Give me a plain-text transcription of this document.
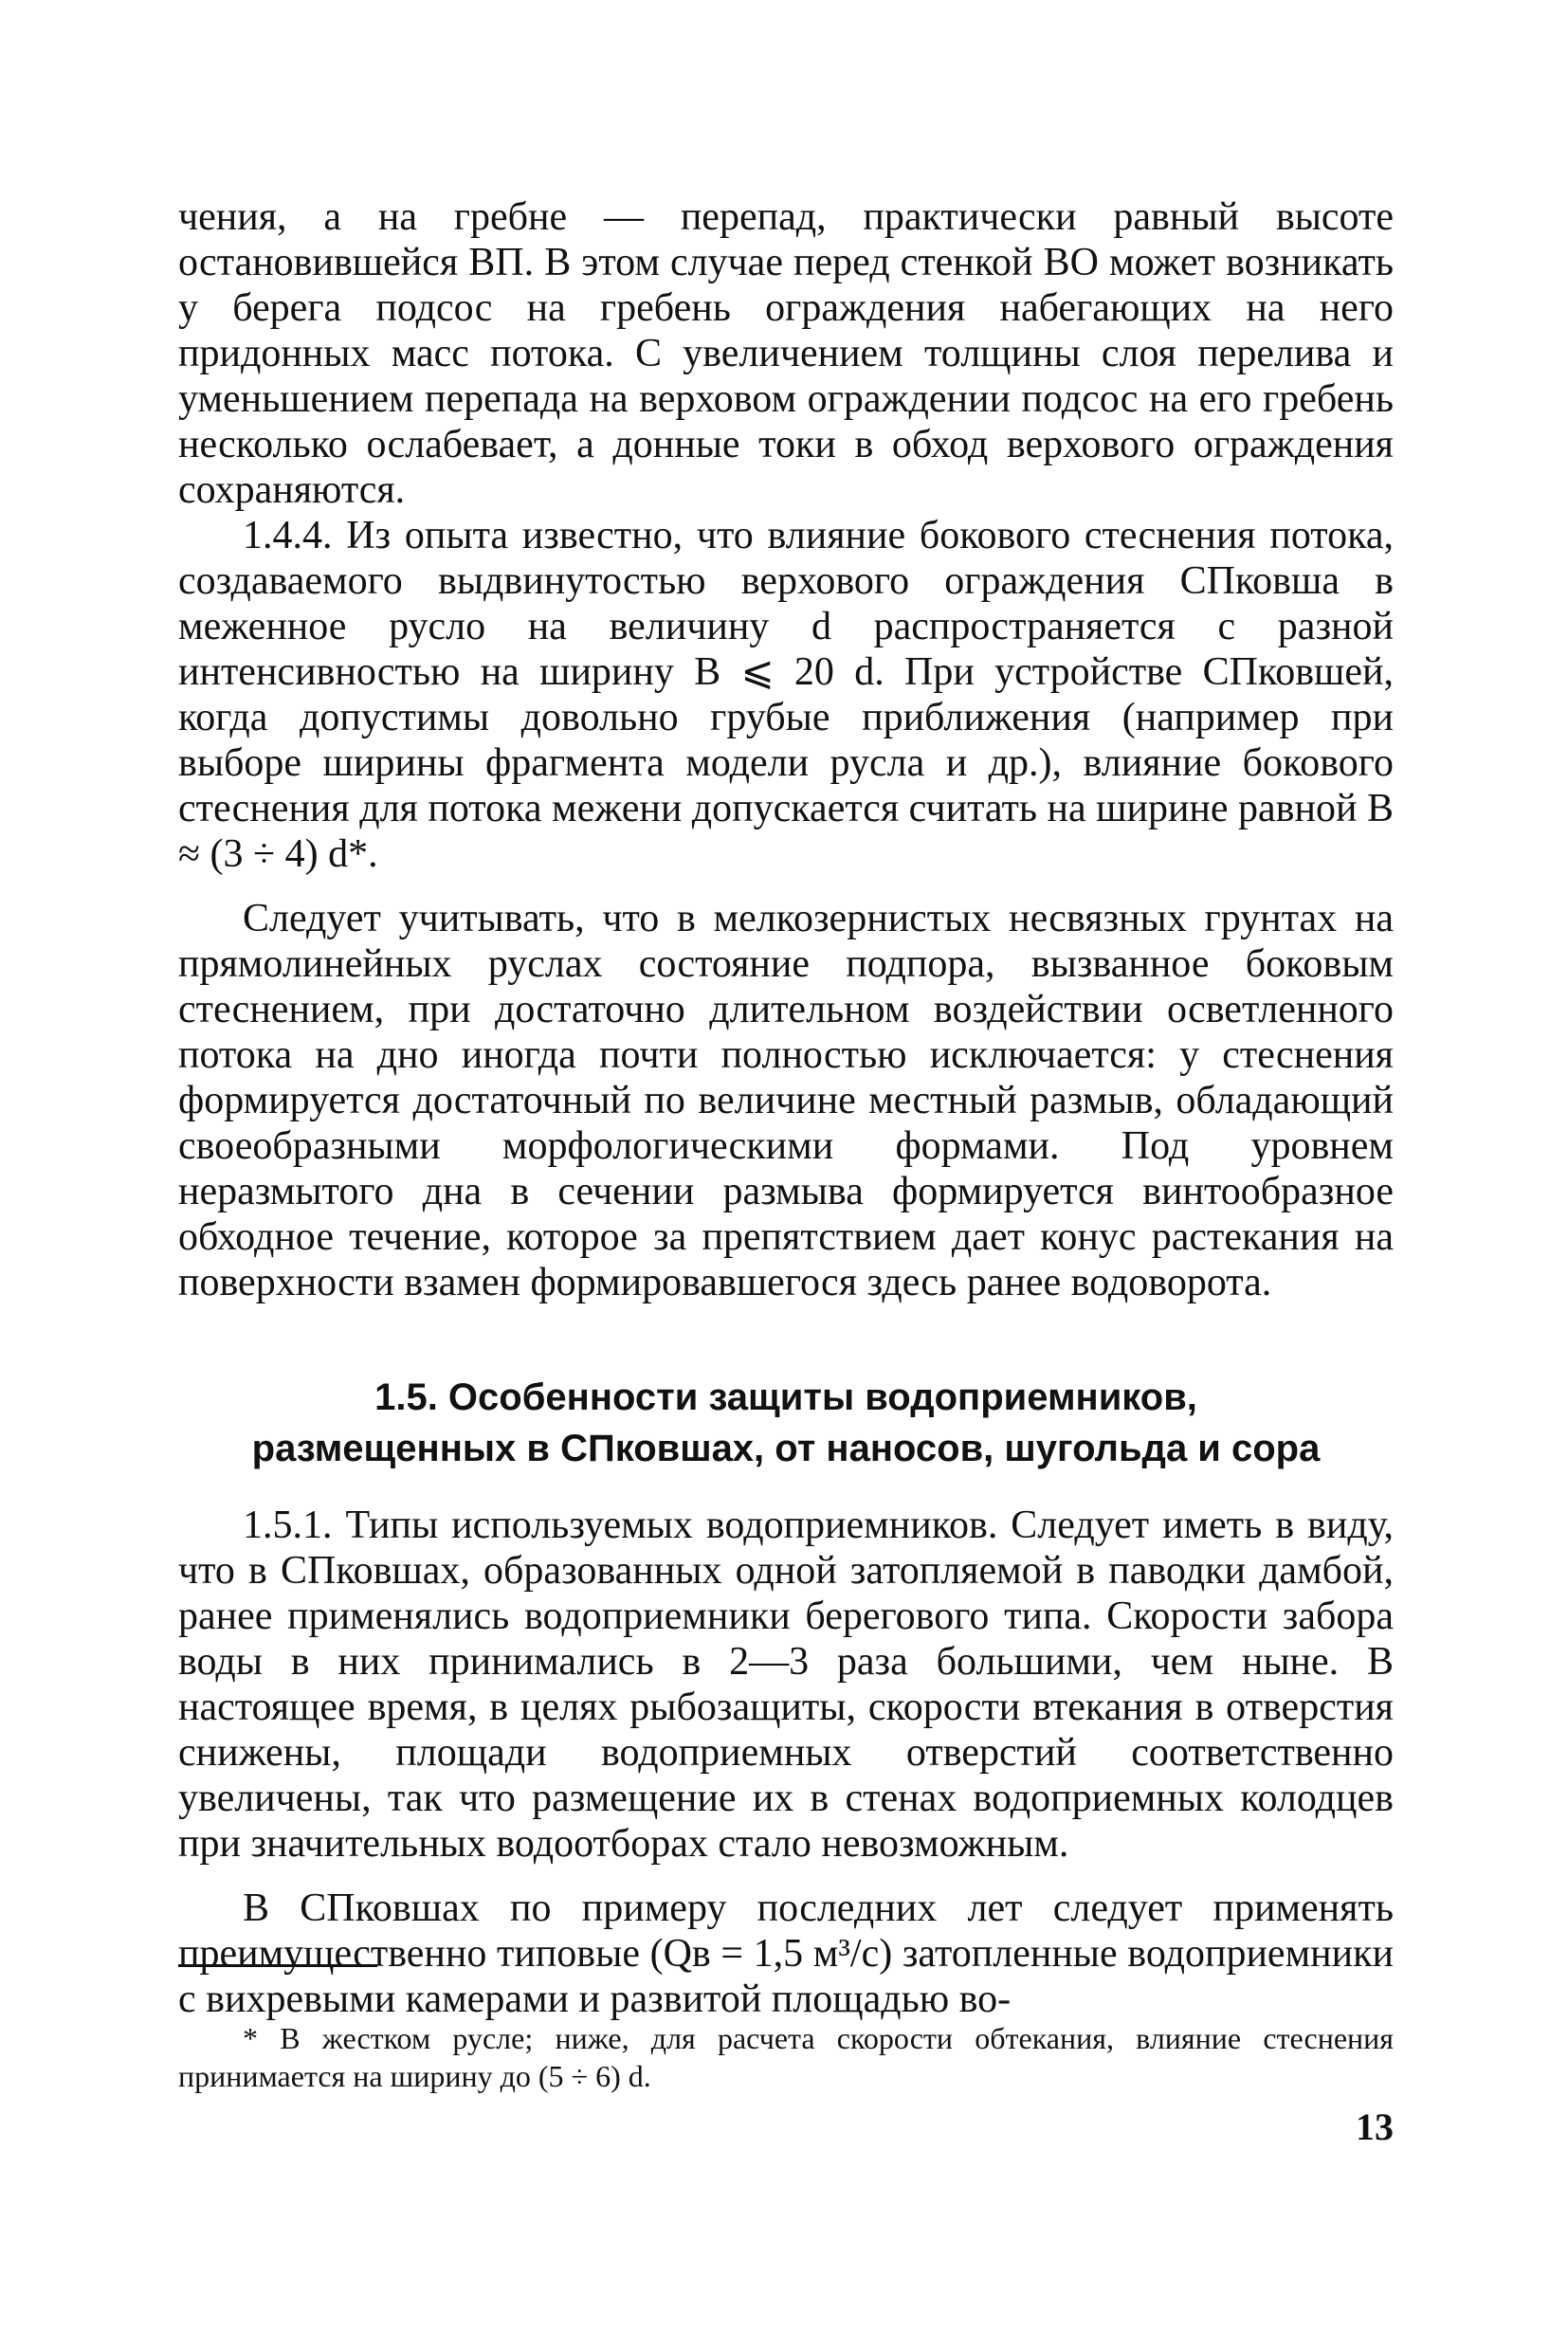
чения, а на гребне — перепад, практически равный высоте остановившейся ВП. В этом случае перед стенкой ВО может возникать у берега подсос на гребень ограждения набегающих на него придонных масс потока. С увеличением толщины слоя перелива и уменьшением перепада на верховом ограждении подсос на его гребень несколько ослабевает, а донные токи в обход верхового ограждения сохраняются.

1.4.4. Из опыта известно, что влияние бокового стеснения потока, создаваемого выдвинутостью верхового ограждения СПковша в меженное русло на величину d распространяется с разной интенсивностью на ширину B ⩽ 20 d. При устройстве СПковшей, когда допустимы довольно грубые приближения (например при выборе ширины фрагмента модели русла и др.), влияние бокового стеснения для потока межени допускается считать на ширине равной B ≈ (3 ÷ 4) d*.

Следует учитывать, что в мелкозернистых несвязных грунтах на прямолинейных руслах состояние подпора, вызванное боковым стеснением, при достаточно длительном воздействии осветленного потока на дно иногда почти полностью исключается: у стеснения формируется достаточный по величине местный размыв, обладающий своеобразными морфологическими формами. Под уровнем неразмытого дна в сечении размыва формируется винтообразное обходное течение, которое за препятствием дает конус растекания на поверхности взамен формировавшегося здесь ранее водоворота.

1.5. Особенности защиты водоприемников,
размещенных в СПковшах, от наносов, шугольда и сора

1.5.1. Типы используемых водоприемников. Следует иметь в виду, что в СПковшах, образованных одной затопляемой в паводки дамбой, ранее применялись водоприемники берегового типа. Скорости забора воды в них принимались в 2—3 раза большими, чем ныне. В настоящее время, в целях рыбозащиты, скорости втекания в отверстия снижены, площади водоприемных отверстий соответственно увеличены, так что размещение их в стенах водоприемных колодцев при значительных водоотборах стало невозможным.

В СПковшах по примеру последних лет следует применять преимущественно типовые (Qв = 1,5 м³/с) затопленные водоприемники с вихревыми камерами и развитой площадью во-

* В жестком русле; ниже, для расчета скорости обтекания, влияние стеснения принимается на ширину до (5 ÷ 6) d.

13
